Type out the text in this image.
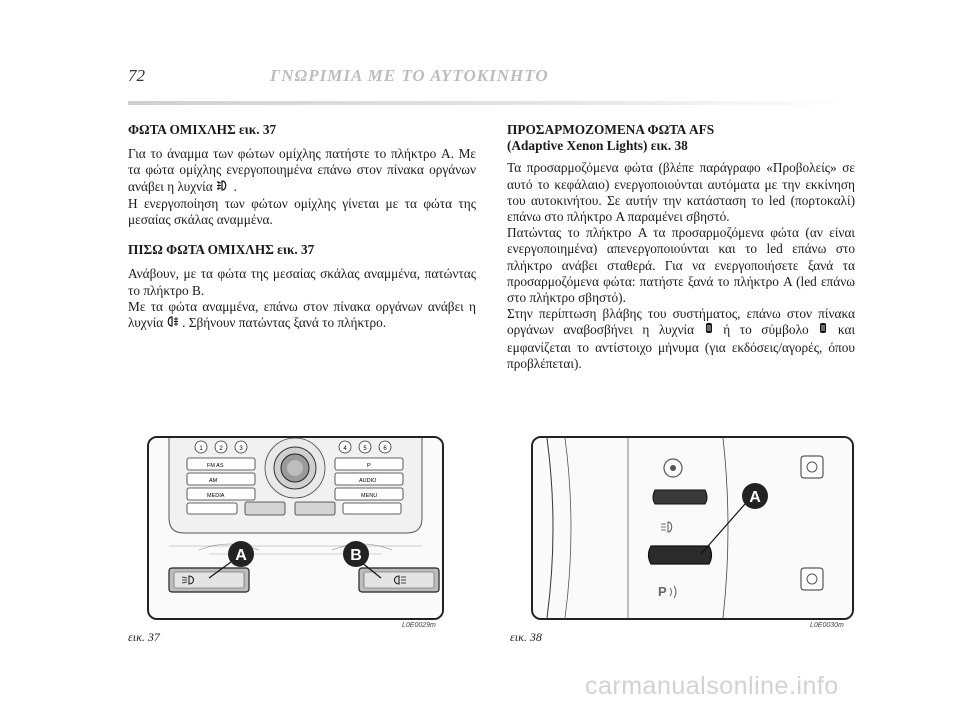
72	ΓΝΩΡΙΜΙΑ ΜΕ ΤΟ ΑΥΤΟΚΙΝΗΤΟ
ΦΩΤΑ ΟΜΙΧΛΗΣ εικ. 37

Για το άναμμα των φώτων ομίχλης πατήστε το πλήκτρο A. Με τα φώτα ομίχλης ενεργοποιημένα επάνω στον πίνακα οργάνων ανάβει η λυχνία .

Η ενεργοποίηση των φώτων ομίχλης γίνεται με τα φώτα της μεσαίας σκάλας αναμμένα.

ΠΙΣΩ ΦΩΤΑ ΟΜΙΧΛΗΣ εικ. 37

Ανάβουν, με τα φώτα της μεσαίας σκάλας αναμμένα, πατώντας το πλήκτρο B.

Με τα φώτα αναμμένα, επάνω στον πίνακα οργάνων ανάβει η λυχνία . Σβήνουν πατώντας ξανά το πλήκτρο.

ΠΡΟΣΑΡΜΟΖΟΜΕΝΑ ΦΩΤΑ AFS
(Adaptive Xenon Lights) εικ. 38

Τα προσαρμοζόμενα φώτα (βλέπε παράγραφο «Προβολείς» σε αυτό το κεφάλαιο) ενεργοποιούνται αυτόματα με την εκκίνηση του αυτοκινήτου. Σε αυτήν την κατάσταση το led (πορτοκαλί) επάνω στο πλήκτρο A παραμένει σβηστό.

Πατώντας το πλήκτρο A τα προσαρμοζόμενα φώτα (αν είναι ενεργοποιημένα) απενεργοποιούνται και το led επάνω στο πλήκτρο ανάβει σταθερά. Για να ενεργοποιήσετε ξανά τα προσαρμοζόμενα φώτα: πατήστε ξανά το πλήκτρο A (led επάνω στο πλήκτρο σβηστό).

Στην περίπτωση βλάβης του συστήματος, επάνω στον πίνακα οργάνων αναβοσβήνει η λυχνία ή το σύμβολο και εμφανίζεται το αντίστοιχο μήνυμα (για εκδόσεις/αγορές, όπου προβλέπεται).

1	2	3	4	5	6
FM AS
AM
MEDIA
P
AUDIO
MENU
A	B
εικ. 37
L0E0029m
P
A
εικ. 38
L0E0030m
carmanualsonline.info
